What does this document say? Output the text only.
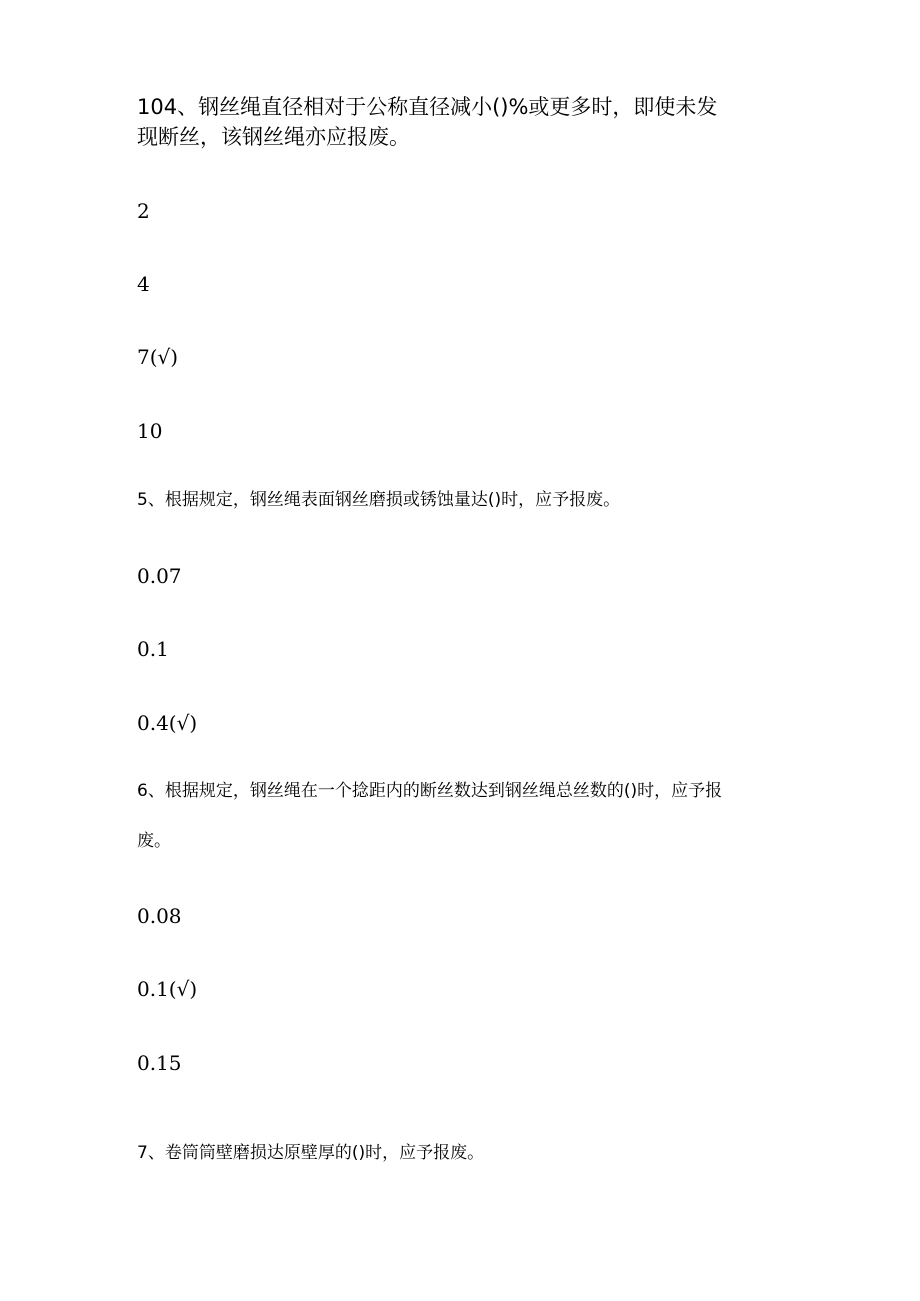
104、钢丝绳直径相对于公称直径减小()%或更多时，即使未发

现断丝，该钢丝绳亦应报废。

2

4

7(√)

10

5、根据规定，钢丝绳表面钢丝磨损或锈蚀量达()时，应予报废。

0.07

0.1

0.4(√)

6、根据规定，钢丝绳在一个捻距内的断丝数达到钢丝绳总丝数的()时，应予报

废。

0.08

0.1(√)

0.15

7、卷筒筒壁磨损达原壁厚的()时，应予报废。
